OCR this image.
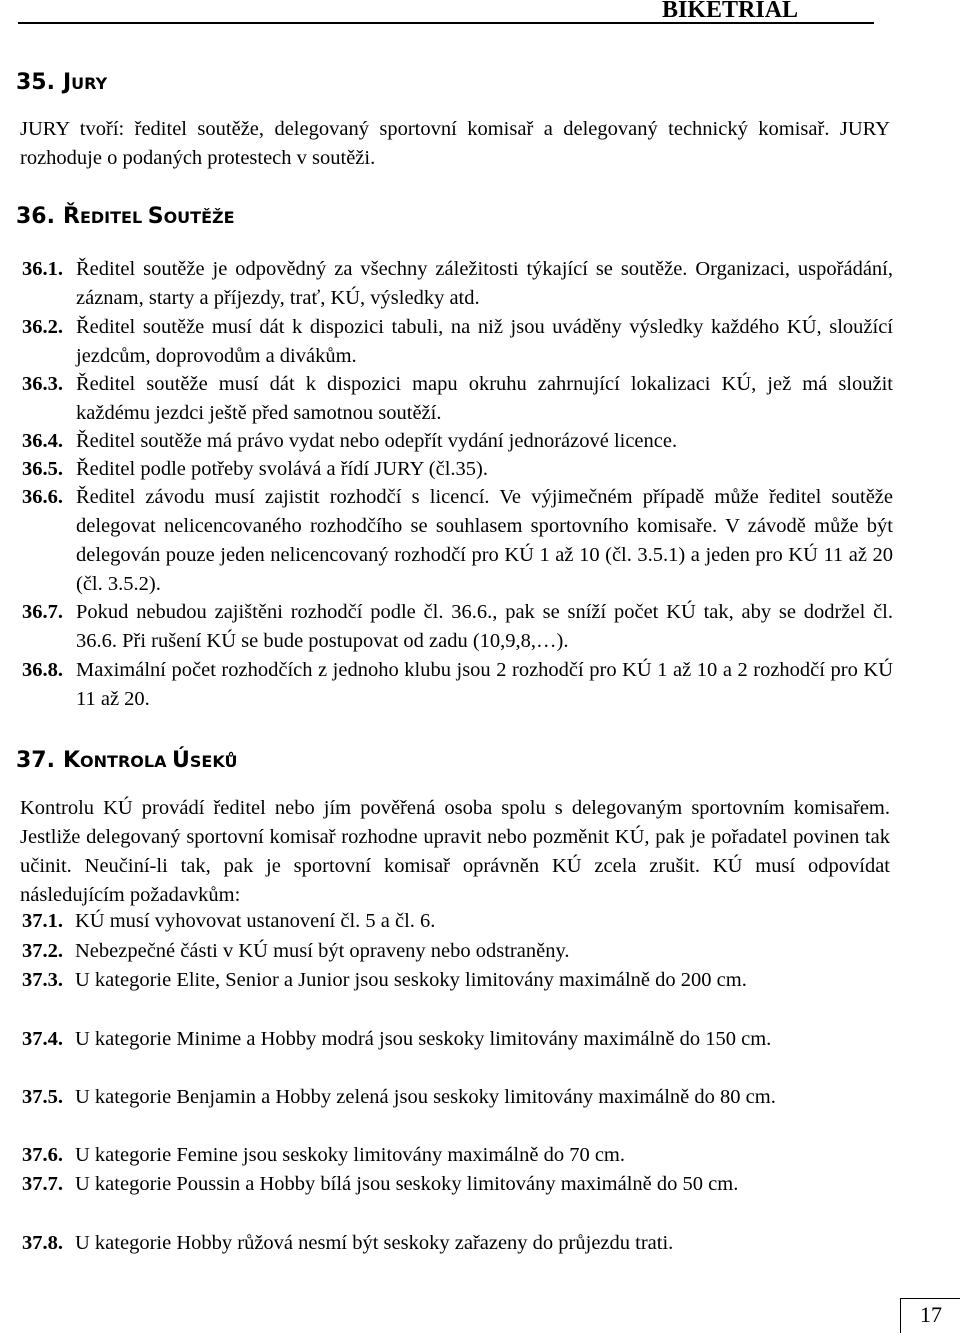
BIKETRIAL
35. JURY

JURY tvoří: ředitel soutěže, delegovaný sportovní komisař a delegovaný technický komisař. JURY rozhoduje o podaných protestech v soutěži.

36. ŘEDITEL SOUTĚŽE
36.1. Ředitel soutěže je odpovědný za všechny záležitosti týkající se soutěže. Organizaci, uspořádání, záznam, starty a příjezdy, trať, KÚ, výsledky atd.
36.2. Ředitel soutěže musí dát k dispozici tabuli, na niž jsou uváděny výsledky každého KÚ, sloužící jezdcům, doprovodům a divákům.
36.3. Ředitel soutěže musí dát k dispozici mapu okruhu zahrnující lokalizaci KÚ, jež má sloužit každému jezdci ještě před samotnou soutěží.
36.4. Ředitel soutěže má právo vydat nebo odepřít vydání jednorázové licence.
36.5. Ředitel podle potřeby svolává a řídí JURY (čl.35).
36.6. Ředitel závodu musí zajistit rozhodčí s licencí. Ve výjimečném případě může ředitel soutěže delegovat nelicencovaného rozhodčího se souhlasem sportovního komisaře. V závodě může být delegován pouze jeden nelicencovaný rozhodčí pro KÚ 1 až 10 (čl. 3.5.1) a jeden pro KÚ 11 až 20 (čl. 3.5.2).
36.7. Pokud nebudou zajištěni rozhodčí podle čl. 36.6., pak se sníží počet KÚ tak, aby se dodržel čl. 36.6. Při rušení KÚ se bude postupovat od zadu (10,9,8,…).
36.8. Maximální počet rozhodčích z jednoho klubu jsou 2 rozhodčí pro KÚ 1 až 10 a 2 rozhodčí pro KÚ 11 až 20.
37. KONTROLA ÚSEKŮ

Kontrolu KÚ provádí ředitel nebo jím pověřená osoba spolu s delegovaným sportovním komisařem. Jestliže delegovaný sportovní komisař rozhodne upravit nebo pozměnit KÚ, pak je pořadatel povinen tak učinit. Neučiní-li tak, pak je sportovní komisař oprávněn KÚ zcela zrušit. KÚ musí odpovídat následujícím požadavkům:

37.1. KÚ musí vyhovovat ustanovení čl. 5 a čl. 6.
37.2. Nebezpečné části v KÚ musí být opraveny nebo odstraněny.
37.3. U kategorie Elite, Senior a Junior jsou seskoky limitovány maximálně do 200 cm.
37.4. U kategorie Minime a Hobby modrá jsou seskoky limitovány maximálně do 150 cm.
37.5. U kategorie Benjamin a Hobby zelená jsou seskoky limitovány maximálně do 80 cm.
37.6. U kategorie Femine jsou seskoky limitovány maximálně do 70 cm.
37.7. U kategorie Poussin a Hobby bílá jsou seskoky limitovány maximálně do 50 cm.
37.8. U kategorie Hobby růžová nesmí být seskoky zařazeny do průjezdu trati.
17
